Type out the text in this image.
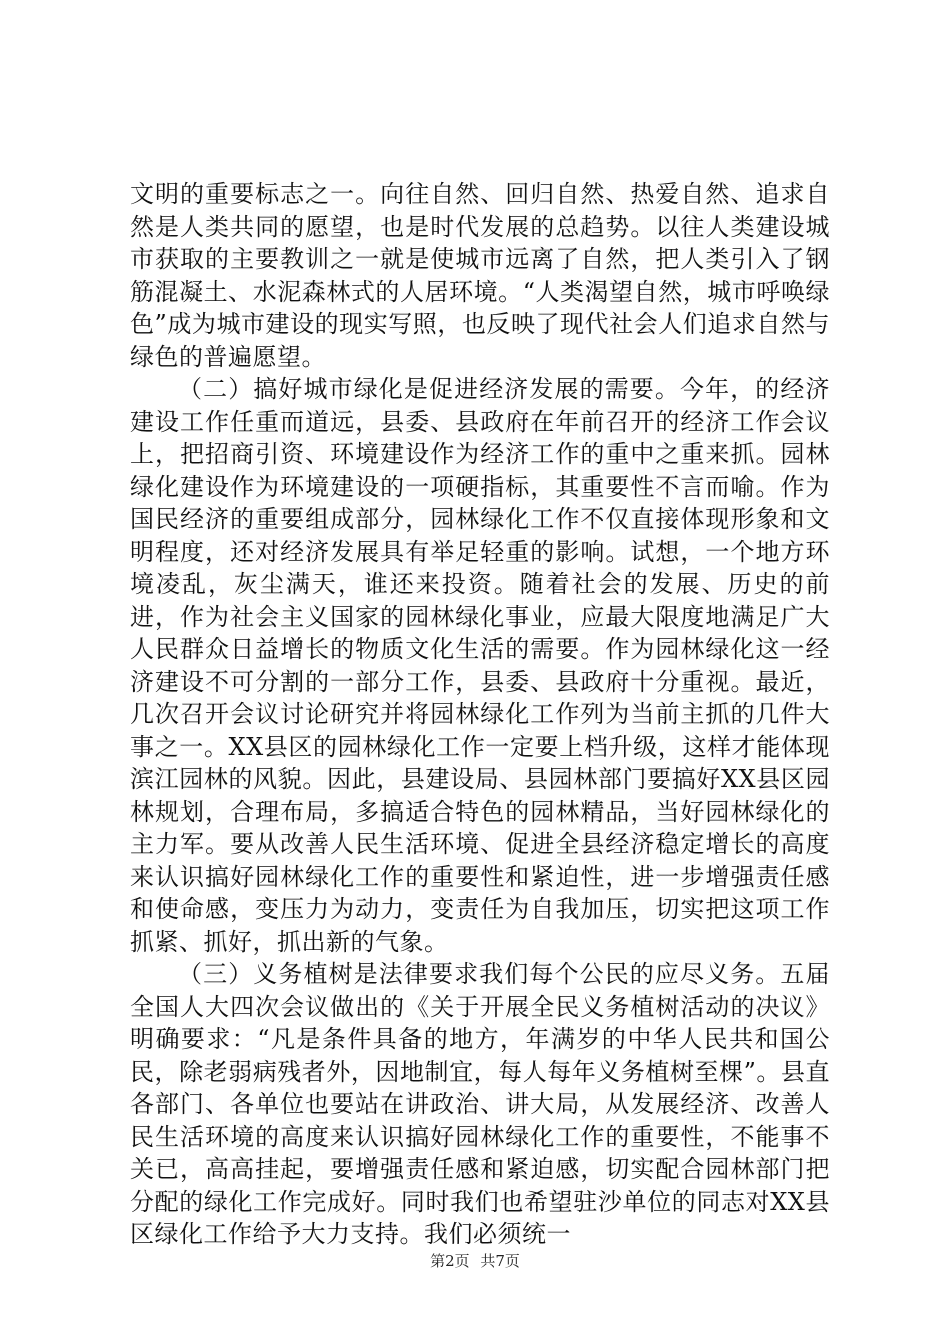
文明的重要标志之一。向往自然、回归自然、热爱自然、追求自然是人类共同的愿望，也是时代发展的总趋势。以往人类建设城市获取的主要教训之一就是使城市远离了自然，把人类引入了钢筋混凝土、水泥森林式的人居环境。“人类渴望自然，城市呼唤绿色”成为城市建设的现实写照，也反映了现代社会人们追求自然与绿色的普遍愿望。

（二）搞好城市绿化是促进经济发展的需要。今年，的经济建设工作任重而道远，县委、县政府在年前召开的经济工作会议上，把招商引资、环境建设作为经济工作的重中之重来抓。园林绿化建设作为环境建设的一项硬指标，其重要性不言而喻。作为国民经济的重要组成部分，园林绿化工作不仅直接体现形象和文明程度，还对经济发展具有举足轻重的影响。试想，一个地方环境凌乱，灰尘满天，谁还来投资。随着社会的发展、历史的前进，作为社会主义国家的园林绿化事业，应最大限度地满足广大人民群众日益增长的物质文化生活的需要。作为园林绿化这一经济建设不可分割的一部分工作，县委、县政府十分重视。最近，几次召开会议讨论研究并将园林绿化工作列为当前主抓的几件大事之一。XX县区的园林绿化工作一定要上档升级，这样才能体现滨江园林的风貌。因此，县建设局、县园林部门要搞好XX县区园林规划，合理布局，多搞适合特色的园林精品，当好园林绿化的主力军。要从改善人民生活环境、促进全县经济稳定增长的高度来认识搞好园林绿化工作的重要性和紧迫性，进一步增强责任感和使命感，变压力为动力，变责任为自我加压，切实把这项工作抓紧、抓好，抓出新的气象。

（三）义务植树是法律要求我们每个公民的应尽义务。五届全国人大四次会议做出的《关于开展全民义务植树活动的决议》明确要求：“凡是条件具备的地方，年满岁的中华人民共和国公民，除老弱病残者外，因地制宜，每人每年义务植树至棵”。县直各部门、各单位也要站在讲政治、讲大局，从发展经济、改善人民生活环境的高度来认识搞好园林绿化工作的重要性，不能事不关已，高高挂起，要增强责任感和紧迫感，切实配合园林部门把分配的绿化工作完成好。同时我们也希望驻沙单位的同志对XX县区绿化工作给予大力支持。我们必须统一

第2页 共7页
